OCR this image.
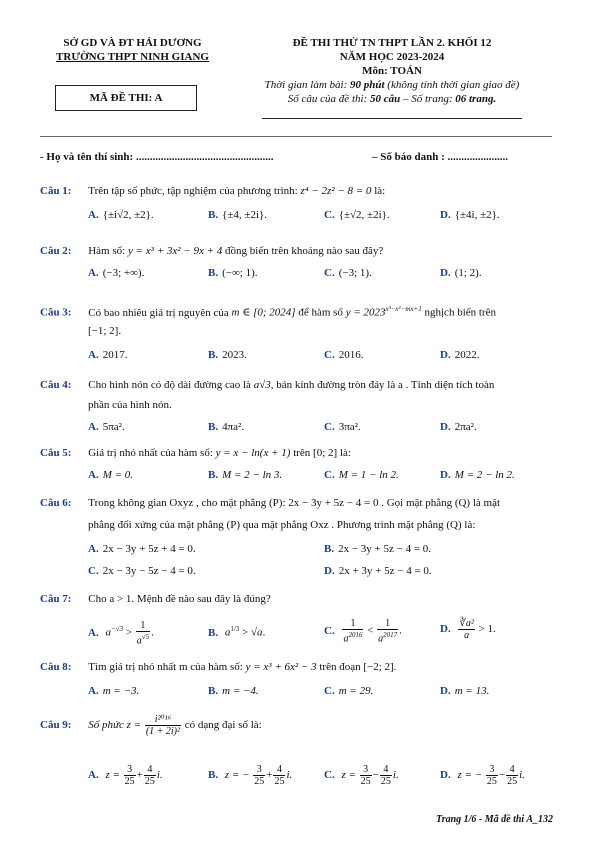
SỞ GD VÀ ĐT HẢI DƯƠNG
TRƯỜNG THPT NINH GIANG
MÃ ĐỀ THI: A
ĐỀ THI THỬ TN THPT LẦN 2. KHỐI 12
NĂM HỌC 2023-2024
Môn: TOÁN
Thời gian làm bài: 90 phút (không tính thời gian giao đề)
Số câu của đề thi: 50 câu – Số trang: 06 trang.
- Họ và tên thí sinh: ..................................................	– Số báo danh : ......................
Câu 1: Trên tập số phức, tập nghiệm của phương trình: z⁴ − 2z² − 8 = 0 là:
A. {±i√2, ±2}.	B. {±4, ±2i}.	C. {±√2, ±2i}.	D. {±4i, ±2}.
Câu 2: Hàm số: y = x³ + 3x² − 9x + 4 đồng biến trên khoảng nào sau đây?
A. (−3; +∞).	B. (−∞; 1).	C. (−3; 1).	D. (1; 2).
Câu 3: Có bao nhiêu giá trị nguyên của m ∈ [0; 2024] để hàm số $y = 2023^{x^3-x^2-mx+1}$ nghịch biến trên
[−1; 2].
A. 2017.	B. 2023.	C. 2016.	D. 2022.
Câu 4: Cho hình nón có độ dài đường cao là a√3, bán kính đường tròn đáy là a . Tính diện tích toàn
phần của hình nón.
A. 5πa².	B. 4πa².	C. 3πa².	D. 2πa².
Câu 5: Giá trị nhỏ nhất của hàm số: y = x − ln(x + 1) trên [0; 2] là:
A. M = 0.	B. M = 2 − ln 3.	C. M = 1 − ln 2.	D. M = 2 − ln 2.
Câu 6: Trong không gian Oxyz , cho mặt phẳng (P): 2x − 3y + 5z − 4 = 0 . Gọi mặt phẳng (Q) là mặt
phẳng đối xứng của mặt phẳng (P) qua mặt phẳng Oxz . Phương trình mặt phẳng (Q) là:
A. 2x − 3y + 5z + 4 = 0.	B. 2x − 3y + 5z − 4 = 0.
C. 2x − 3y − 5z − 4 = 0.	D. 2x + 3y + 5z − 4 = 0.
Câu 7: Cho a > 1. Mệnh đề nào sau đây là đúng?
A. $a^{-√3} > \frac{1}{a^{√5}}$ .	B. $a^{1/3} > √a$.	C. $\frac{1}{a^{2016}} < \frac{1}{a^{2017}}$ .	D. $\frac{\text{∛a²}}{a} > 1$.
Câu 8: Tìm giá trị nhỏ nhất m của hàm số: y = x³ + 6x² − 3 trên đoạn [−2; 2].
A. m = −3.	B. m = −4.	C. m = 29.	D. m = 13.
Câu 9: Số phức $z = \frac{\text{i²⁰¹⁶}}{\text{(1 + 2i)²}}$ có dạng đại số là:
A. $z = \frac{3}{25} + \frac{4}{25} i$.	B. z = − $\frac{3}{25} + \frac{4}{25} i$.	C. $z = \frac{3}{25} - \frac{4}{25} i$.	D. z = − $\frac{3}{25} - \frac{4}{25} i$.
Trang 1/6 - Mã đề thi A_132
